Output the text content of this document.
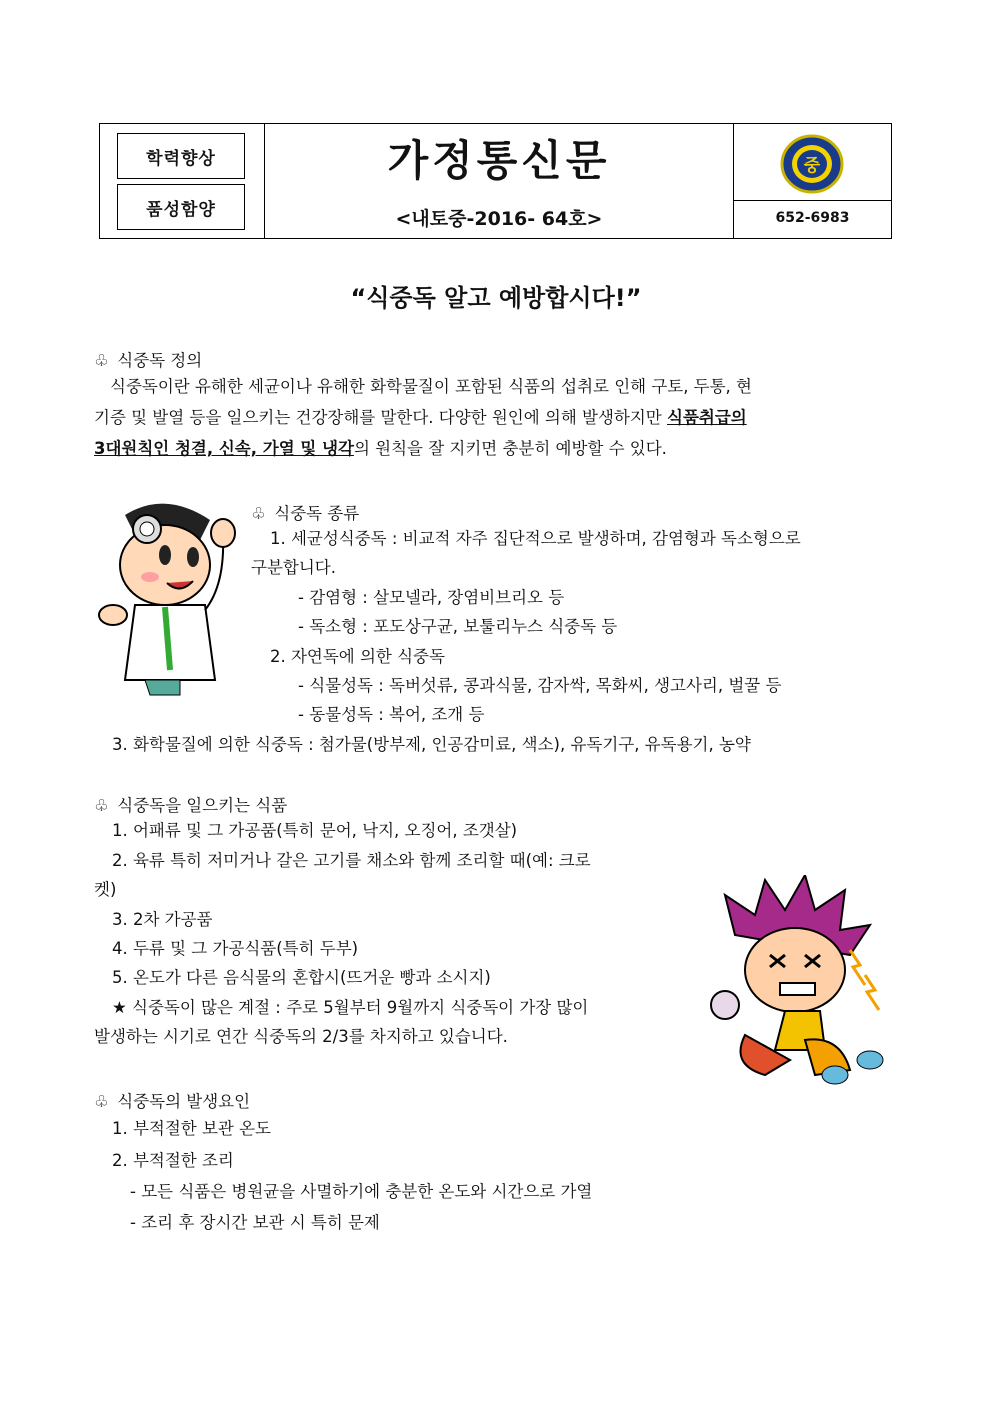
학력향상
품성함양
가정통신문
<내토중-2016- 64호>
중
652-6983
“식중독 알고 예방합시다!”
♧ 식중독 정의
식중독이란 유해한 세균이나 유해한 화학물질이 포함된 식품의 섭취로 인해 구토, 두통, 현
기증 및 발열 등을 일으키는 건강장해를 말한다. 다양한 원인에 의해 발생하지만 식품취급의
3대원칙인 청결, 신속, 가열 및 냉각의 원칙을 잘 지키면 충분히 예방할 수 있다.
♧ 식중독 종류
1. 세균성식중독 : 비교적 자주 집단적으로 발생하며, 감염형과 독소형으로
구분합니다.
- 감염형 : 살모넬라, 장염비브리오 등
- 독소형 : 포도상구균, 보툴리누스 식중독 등
2. 자연독에 의한 식중독
- 식물성독 : 독버섯류, 콩과식물, 감자싹, 목화씨, 생고사리, 벌꿀 등
- 동물성독 : 복어, 조개 등
3. 화학물질에 의한 식중독 : 첨가물(방부제, 인공감미료, 색소), 유독기구, 유독용기, 농약
♧ 식중독을 일으키는 식품
1. 어패류 및 그 가공품(특히 문어, 낙지, 오징어, 조갯살)
2. 육류 특히 저미거나 갈은 고기를 채소와 함께 조리할 때(예: 크로
켓)
3. 2차 가공품
4. 두류 및 그 가공식품(특히 두부)
5. 온도가 다른 음식물의 혼합시(뜨거운 빵과 소시지)
★ 식중독이 많은 계절 : 주로 5월부터 9월까지 식중독이 가장 많이
발생하는 시기로 연간 식중독의 2/3를 차지하고 있습니다.
♧ 식중독의 발생요인
1. 부적절한 보관 온도
2. 부적절한 조리
- 모든 식품은 병원균을 사멸하기에 충분한 온도와 시간으로 가열
- 조리 후 장시간 보관 시 특히 문제
